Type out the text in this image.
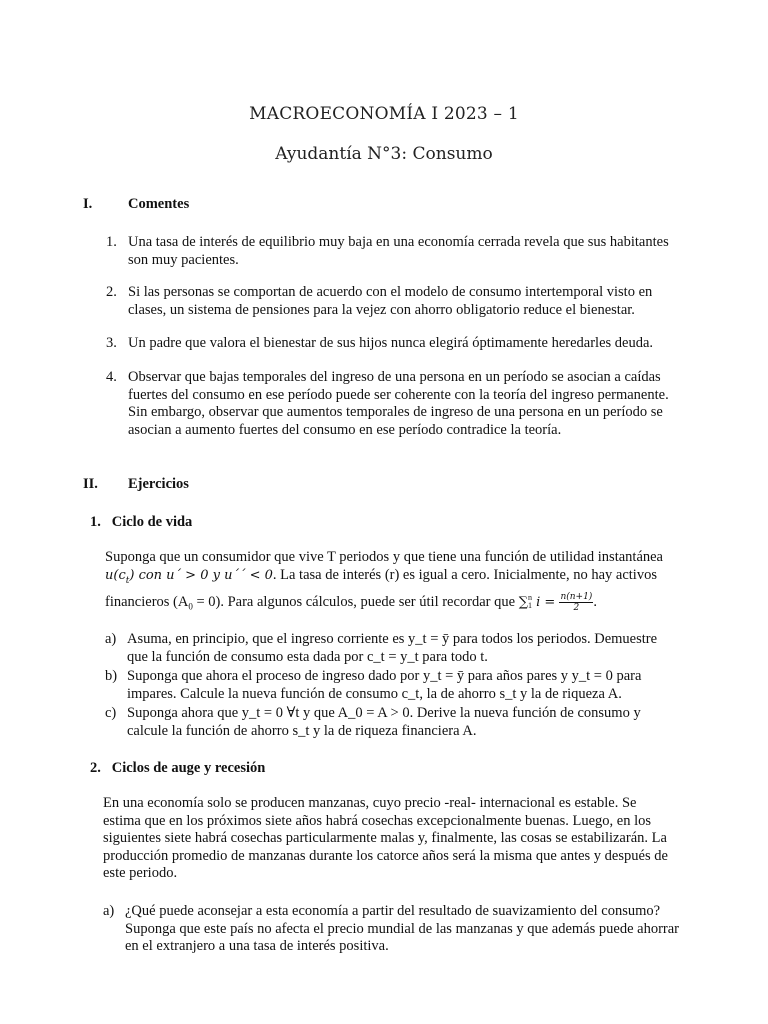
MACROECONOMÍA I 2023 – 1
Ayudantía N°3: Consumo
I. Comentes
1. Una tasa de interés de equilibrio muy baja en una economía cerrada revela que sus habitantes
son muy pacientes.
2. Si las personas se comportan de acuerdo con el modelo de consumo intertemporal visto en
clases, un sistema de pensiones para la vejez con ahorro obligatorio reduce el bienestar.
3. Un padre que valora el bienestar de sus hijos nunca elegirá óptimamente heredarles deuda.
4. Observar que bajas temporales del ingreso de una persona en un período se asocian a caídas
fuertes del consumo en ese período puede ser coherente con la teoría del ingreso permanente.
Sin embargo, observar que aumentos temporales de ingreso de una persona en un período se
asocian a aumento fuertes del consumo en ese período contradice la teoría.
II. Ejercicios
1.   Ciclo de vida
Suponga que un consumidor que vive T periodos y que tiene una función de utilidad instantánea
$u(c_t)$ con u´ > 0 y u´´ < 0. La tasa de interés (r) es igual a cero. Inicialmente, no hay activos
financieros $(A_0 = 0)$. Para algunos cálculos, puede ser útil recordar que ∑ n
1 $i = \frac{n(n+1)}{2}$ .
a) Asuma, en principio, que el ingreso corriente es y_t = ȳ para todos los periodos. Demuestre
que la función de consumo esta dada por c_t = y_t para todo t.
b) Suponga que ahora el proceso de ingreso dado por y_t = ȳ para años pares y y_t = 0 para
impares. Calcule la nueva función de consumo c_t, la de ahorro s_t y la de riqueza A.
c) Suponga ahora que y_t = 0 ∀t y que A_0 = A > 0. Derive la nueva función de consumo y
calcule la función de ahorro s_t y la de riqueza financiera A.
2.   Ciclos de auge y recesión
En una economía solo se producen manzanas, cuyo precio -real- internacional es estable. Se
estima que en los próximos siete años habrá cosechas excepcionalmente buenas. Luego, en los
siguientes siete habrá cosechas particularmente malas y, finalmente, las cosas se estabilizarán. La
producción promedio de manzanas durante los catorce años será la misma que antes y después de
este periodo.
a) ¿Qué puede aconsejar a esta economía a partir del resultado de suavizamiento del consumo?
Suponga que este país no afecta el precio mundial de las manzanas y que además puede ahorrar
en el extranjero a una tasa de interés positiva.
